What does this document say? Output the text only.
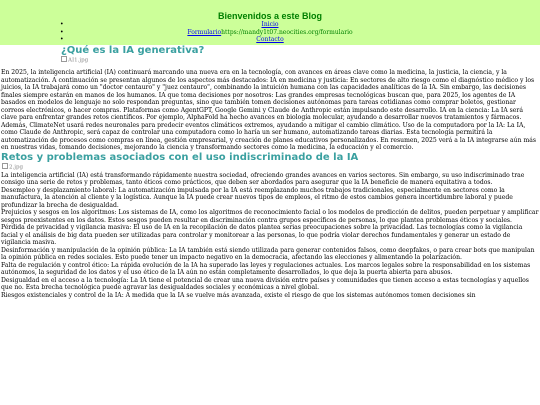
Bienvenidos a este Blog
•	Inicio
•	Formulariohttps://mandy1t07.neocities.org/formulario
•	Contacto
¿Qué es la IA generativa?
AI1.jpg

En 2025, la inteligencia artificial (IA) continuará marcando una nueva era en la tecnología, con avances en áreas clave como la medicina, la justicia, la ciencia, y la automatización. A continuación se presentan algunos de los aspectos más destacados: IA en medicina y justicia: En sectores de alto riesgo como el diagnóstico médico y los juicios, la IA trabajará como un "doctor centauro" y "juez centauro", combinando la intuición humana con las capacidades analíticas de la IA. Sin embargo, las decisiones finales siempre estarán en manos de los humanos. IA que toma decisiones por nosotros: Las grandes empresas tecnológicas buscan que, para 2025, los agentes de IA basados en modelos de lenguaje no solo respondan preguntas, sino que también tomen decisiones autónomas para tareas cotidianas como comprar boletos, gestionar correos electrónicos, o hacer compras. Plataformas como AgentGPT, Google Gemini y Claude de Anthropic están impulsando este desarrollo. IA en la ciencia: La IA será clave para enfrentar grandes retos científicos. Por ejemplo, AlphaFold ha hecho avances en biología molecular, ayudando a desarrollar nuevos tratamientos y fármacos. Además, ClimateNet usará redes neuronales para predecir eventos climáticos extremos, ayudando a mitigar el cambio climático. Uso de la computadora por la IA: La IA, como Claude de Anthropic, será capaz de controlar una computadora como lo haría un ser humano, automatizando tareas diarias. Esta tecnología permitirá la automatización de procesos como compras en línea, gestión empresarial, y creación de planes educativos personalizados. En resumen, 2025 verá a la IA integrarse aún más en nuestras vidas, tomando decisiones, mejorando la ciencia y transformando sectores como la medicina, la educación y el comercio.

Retos y problemas asociados con el uso indiscriminado de la IA
2.jpg

La inteligencia artificial (IA) está transformando rápidamente nuestra sociedad, ofreciendo grandes avances en varios sectores. Sin embargo, su uso indiscriminado trae consigo una serie de retos y problemas, tanto éticos como prácticos, que deben ser abordados para asegurar que la IA beneficie de manera equitativa a todos.

Desempleo y desplazamiento laboral: La automatización impulsada por la IA está reemplazando muchos trabajos tradicionales, especialmente en sectores como la manufactura, la atención al cliente y la logística. Aunque la IA puede crear nuevos tipos de empleos, el ritmo de estos cambios genera incertidumbre laboral y puede profundizar la brecha de desigualdad.

Prejuicios y sesgos en los algoritmos: Los sistemas de IA, como los algoritmos de reconocimiento facial o los modelos de predicción de delitos, pueden perpetuar y amplificar sesgos preexistentes en los datos. Estos sesgos pueden resultar en discriminación contra grupos específicos de personas, lo que plantea problemas éticos y sociales.

Pérdida de privacidad y vigilancia masiva: El uso de IA en la recopilación de datos plantea serias preocupaciones sobre la privacidad. Las tecnologías como la vigilancia facial y el análisis de big data pueden ser utilizadas para controlar y monitorear a las personas, lo que podría violar derechos fundamentales y generar un estado de vigilancia masiva.

Desinformación y manipulación de la opinión pública: La IA también está siendo utilizada para generar contenidos falsos, como deepfakes, o para crear bots que manipulan la opinión pública en redes sociales. Esto puede tener un impacto negativo en la democracia, afectando las elecciones y alimentando la polarización.

Falta de regulación y control ético: La rápida evolución de la IA ha superado las leyes y regulaciones actuales. Los marcos legales sobre la responsabilidad en los sistemas autónomos, la seguridad de los datos y el uso ético de la IA aún no están completamente desarrollados, lo que deja la puerta abierta para abusos.

Desigualdad en el acceso a la tecnología: La IA tiene el potencial de crear una nueva división entre países y comunidades que tienen acceso a estas tecnologías y aquellos que no. Esta brecha tecnológica puede agravar las desigualdades sociales y económicas a nivel global.

Riesgos existenciales y control de la IA: A medida que la IA se vuelve más avanzada, existe el riesgo de que los sistemas autónomos tomen decisiones sin
